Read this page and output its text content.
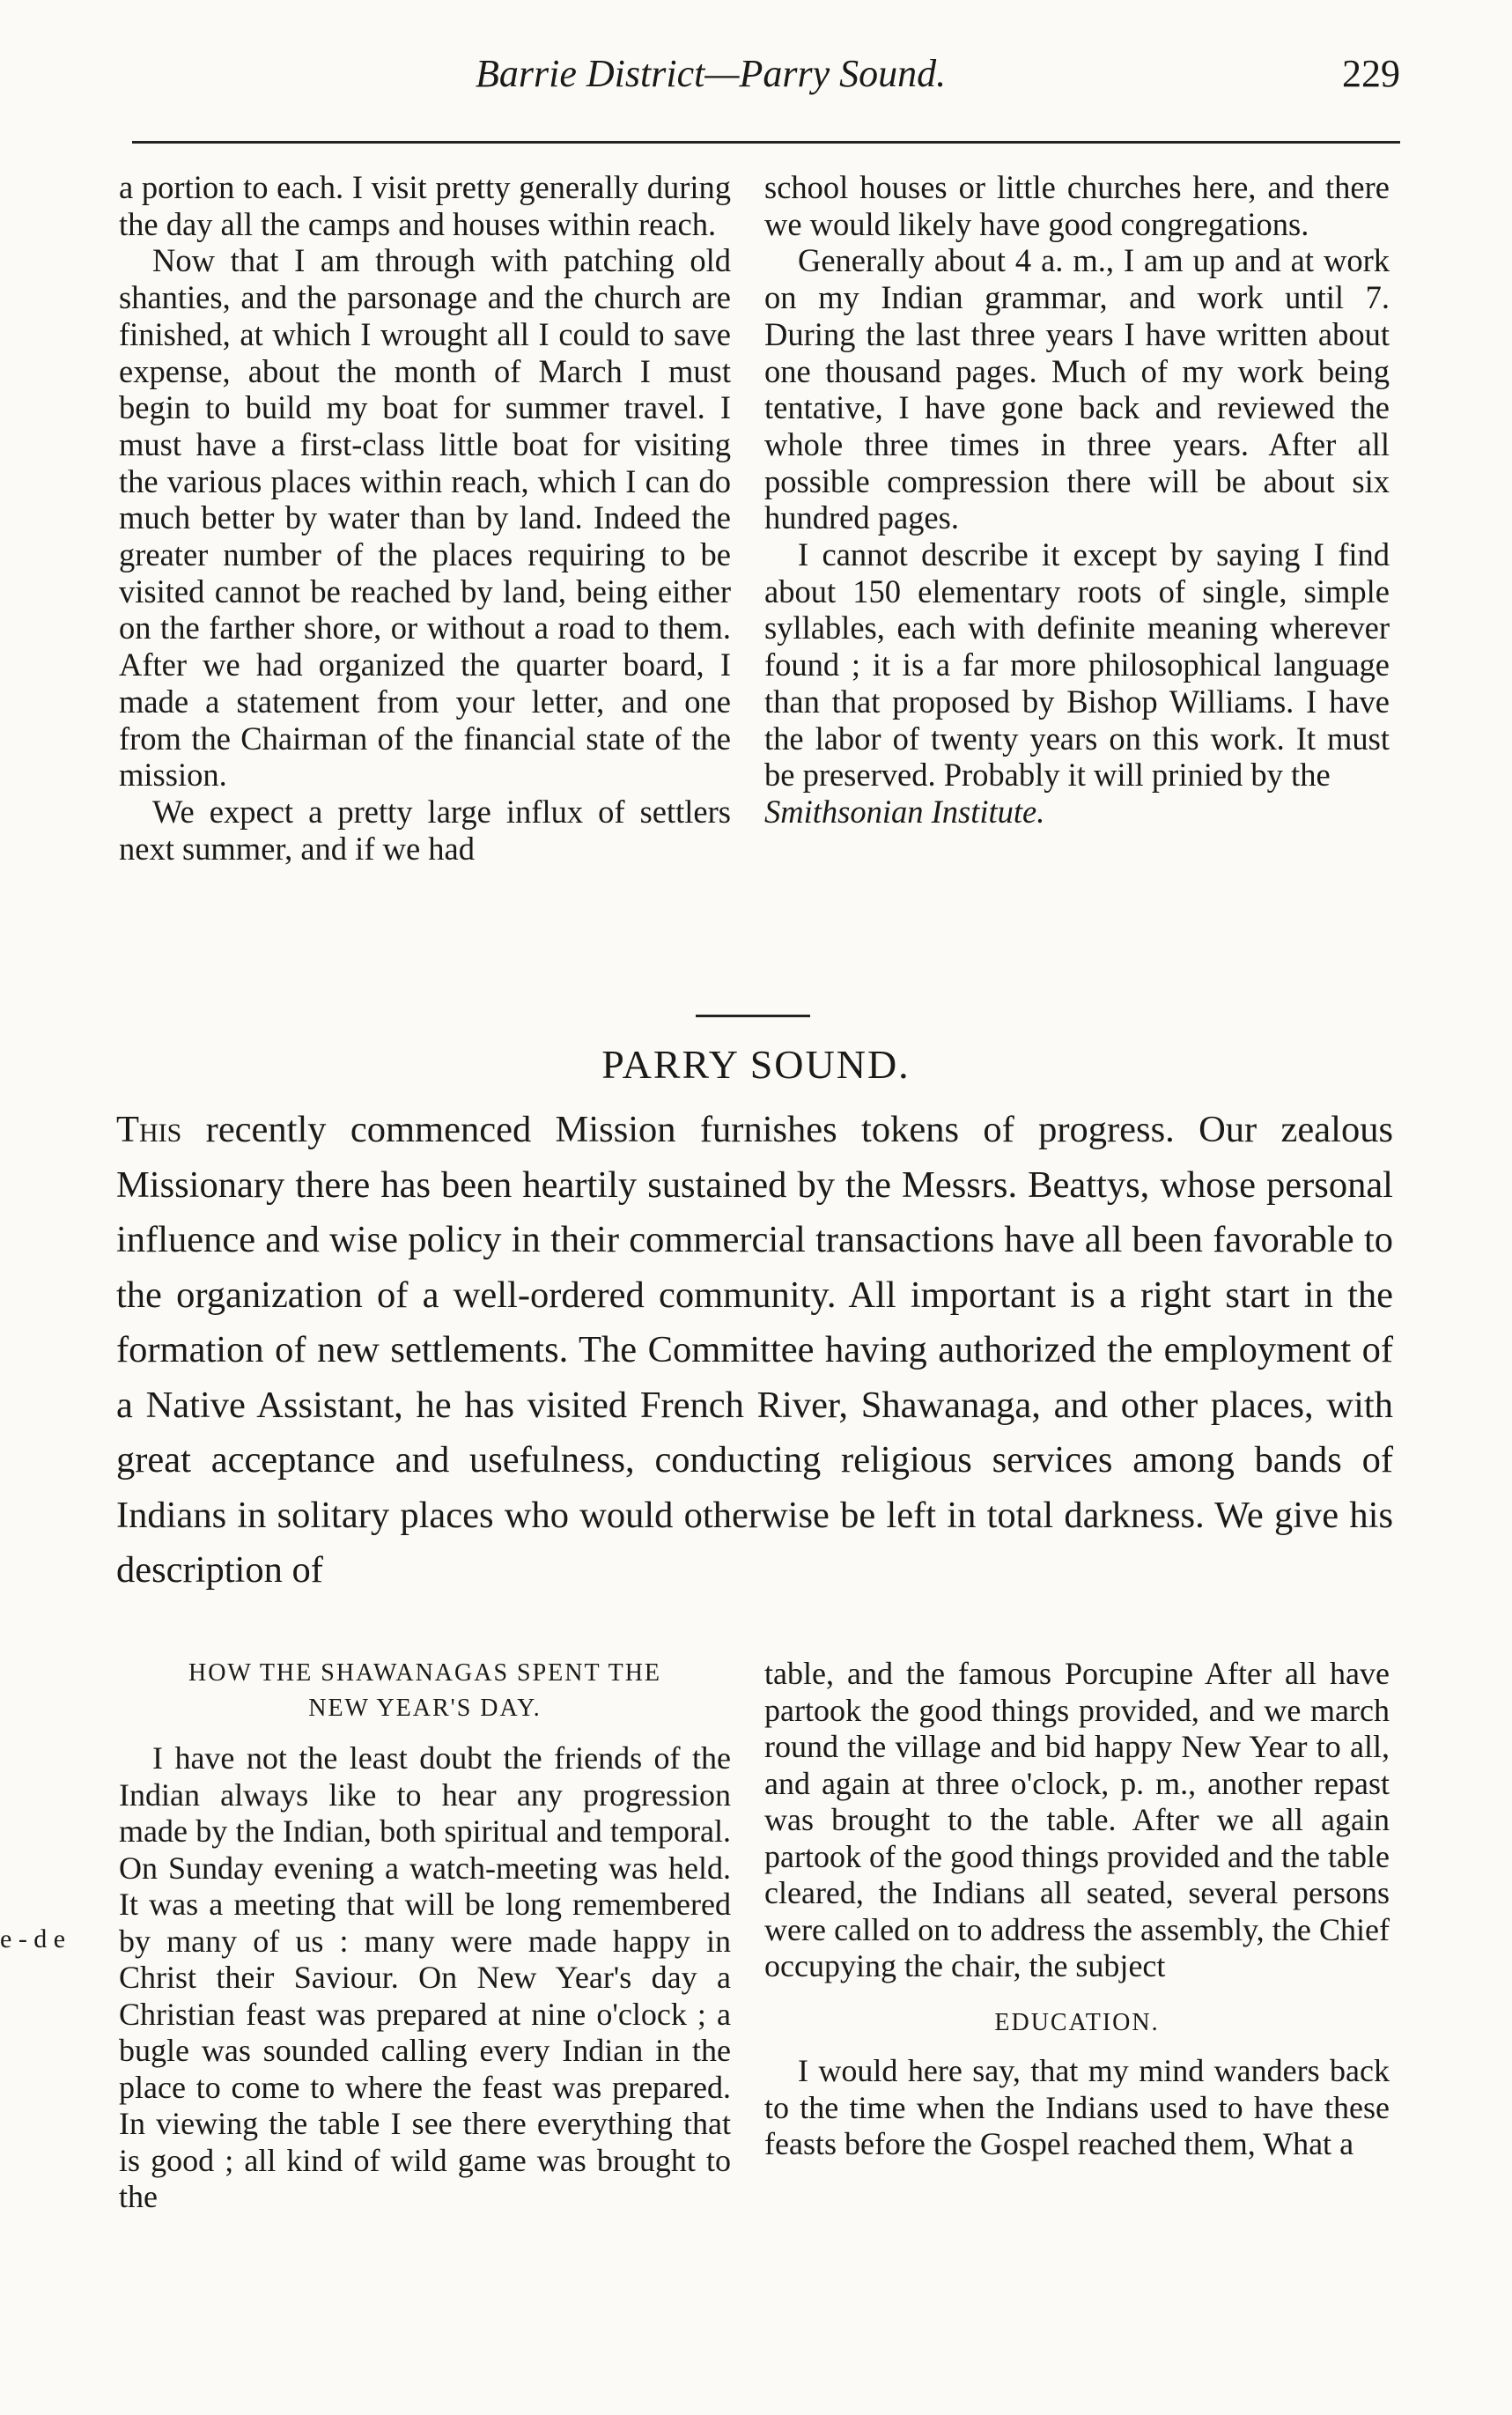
Barrie District—Parry Sound.	229

a portion to each. I visit pretty generally during the day all the camps and houses within reach.

Now that I am through with patching old shanties, and the parsonage and the church are finished, at which I wrought all I could to save expense, about the month of March I must begin to build my boat for summer travel. I must have a first-class little boat for visiting the various places within reach, which I can do much better by water than by land. Indeed the greater number of the places requiring to be visited cannot be reached by land, being either on the farther shore, or without a road to them. After we had organized the quarter board, I made a statement from your letter, and one from the Chairman of the financial state of the mission.

We expect a pretty large influx of settlers next summer, and if we had

school houses or little churches here, and there we would likely have good congregations.

Generally about 4 a. m., I am up and at work on my Indian grammar, and work until 7. During the last three years I have written about one thousand pages. Much of my work being tentative, I have gone back and reviewed the whole three times in three years. After all possible compression there will be about six hundred pages.

I cannot describe it except by saying I find about 150 elementary roots of single, simple syllables, each with definite meaning wherever found ; it is a far more philosophical language than that proposed by Bishop Williams. I have the labor of twenty years on this work. It must be preserved. Probably it will prinied by the

Smithsonian Institute.

PARRY SOUND.
This recently commenced Mission furnishes tokens of progress. Our zealous Missionary there has been heartily sustained by the Messrs. Beattys, whose personal influence and wise policy in their commercial transactions have all been favorable to the organization of a well-ordered community. All important is a right start in the formation of new settlements. The Committee having authorized the employment of a Native Assistant, he has visited French River, Shawanaga, and other places, with great acceptance and usefulness, conducting religious services among bands of Indians in solitary places who would otherwise be left in total darkness. We give his description of
HOW THE SHAWANAGAS SPENT THE
NEW YEAR'S DAY.

I have not the least doubt the friends of the Indian always like to hear any progression made by the Indian, both spiritual and temporal. On Sunday evening a watch-meeting was held. It was a meeting that will be long remembered by many of us : many were made happy in Christ their Saviour. On New Year's day a Christian feast was prepared at nine o'clock ; a bugle was sounded calling every Indian in the place to come to where the feast was prepared. In viewing the table I see there everything that is good ; all kind of wild game was brought to the

table, and the famous Porcupine After all have partook the good things provided, and we march round the village and bid happy New Year to all, and again at three o'clock, p. m., another repast was brought to the table. After we all again partook of the good things provided and the table cleared, the Indians all seated, several persons were called on to address the assembly, the Chief occupying the chair, the subject

EDUCATION.

I would here say, that my mind wanders back to the time when the Indians used to have these feasts before the Gospel reached them, What a

e - d e
